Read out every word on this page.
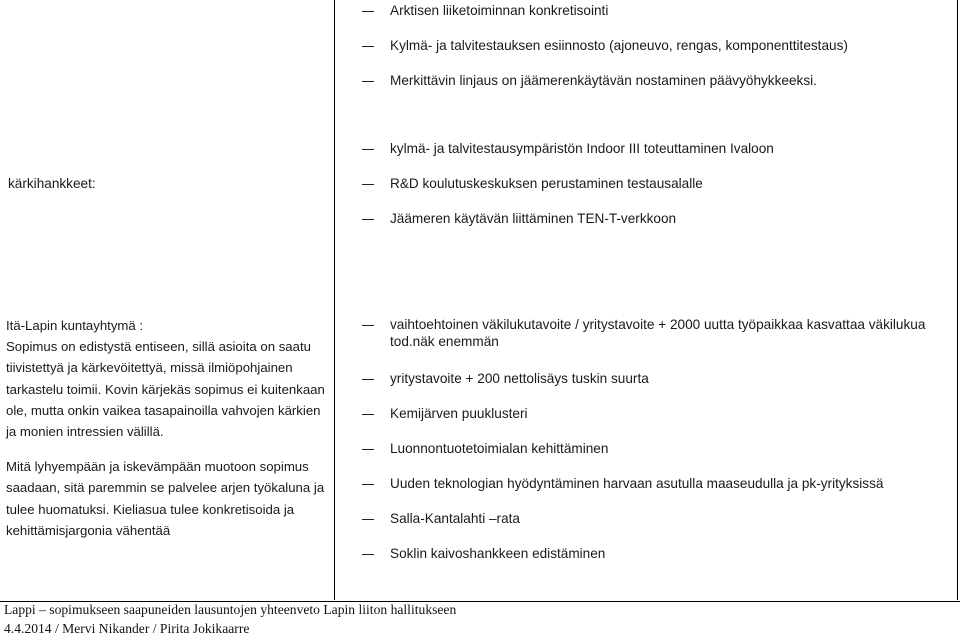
Arktisen liiketoiminnan konkretisointi
Kylmä- ja talvitestauksen esiinnosto (ajoneuvo, rengas, komponenttitestaus)
Merkittävin linjaus on jäämerenkäytävän nostaminen päävyöhykkeeksi.
kärkihankkeet:
kylmä- ja talvitestausympäristön Indoor III toteuttaminen Ivaloon
R&D koulutuskeskuksen perustaminen testausalalle
Jäämeren käytävän liittäminen TEN-T-verkkoon

Itä-Lapin kuntayhtymä :

Sopimus on edistystä entiseen, sillä asioita on saatu tiivistettyä ja kärkevöitettyä, missä ilmiöpohjainen tarkastelu toimii. Kovin kärjekäs sopimus ei kuitenkaan ole, mutta onkin vaikea tasapainoilla vahvojen kärkien ja monien intressien välillä.

Mitä lyhyempään ja iskevämpään muotoon sopimus saadaan, sitä paremmin se palvelee arjen työkaluna ja tulee huomatuksi. Kieliasua tulee konkretisoida ja kehittämisjargonia vähentää

vaihtoehtoinen väkilukutavoite / yritystavoite + 2000 uutta työpaikkaa kasvattaa väkilukua tod.näk enemmän
yritystavoite + 200 nettolisäys tuskin suurta
Kemijärven puuklusteri
Luonnontuotetoimialan kehittäminen
Uuden teknologian hyödyntäminen harvaan asutulla maaseudulla ja pk-yrityksissä
Salla-Kantalahti –rata
Soklin kaivoshankkeen edistäminen
Lappi – sopimukseen saapuneiden lausuntojen yhteenveto Lapin liiton hallitukseen
4.4.2014 / Mervi Nikander / Pirita Jokikaarre
